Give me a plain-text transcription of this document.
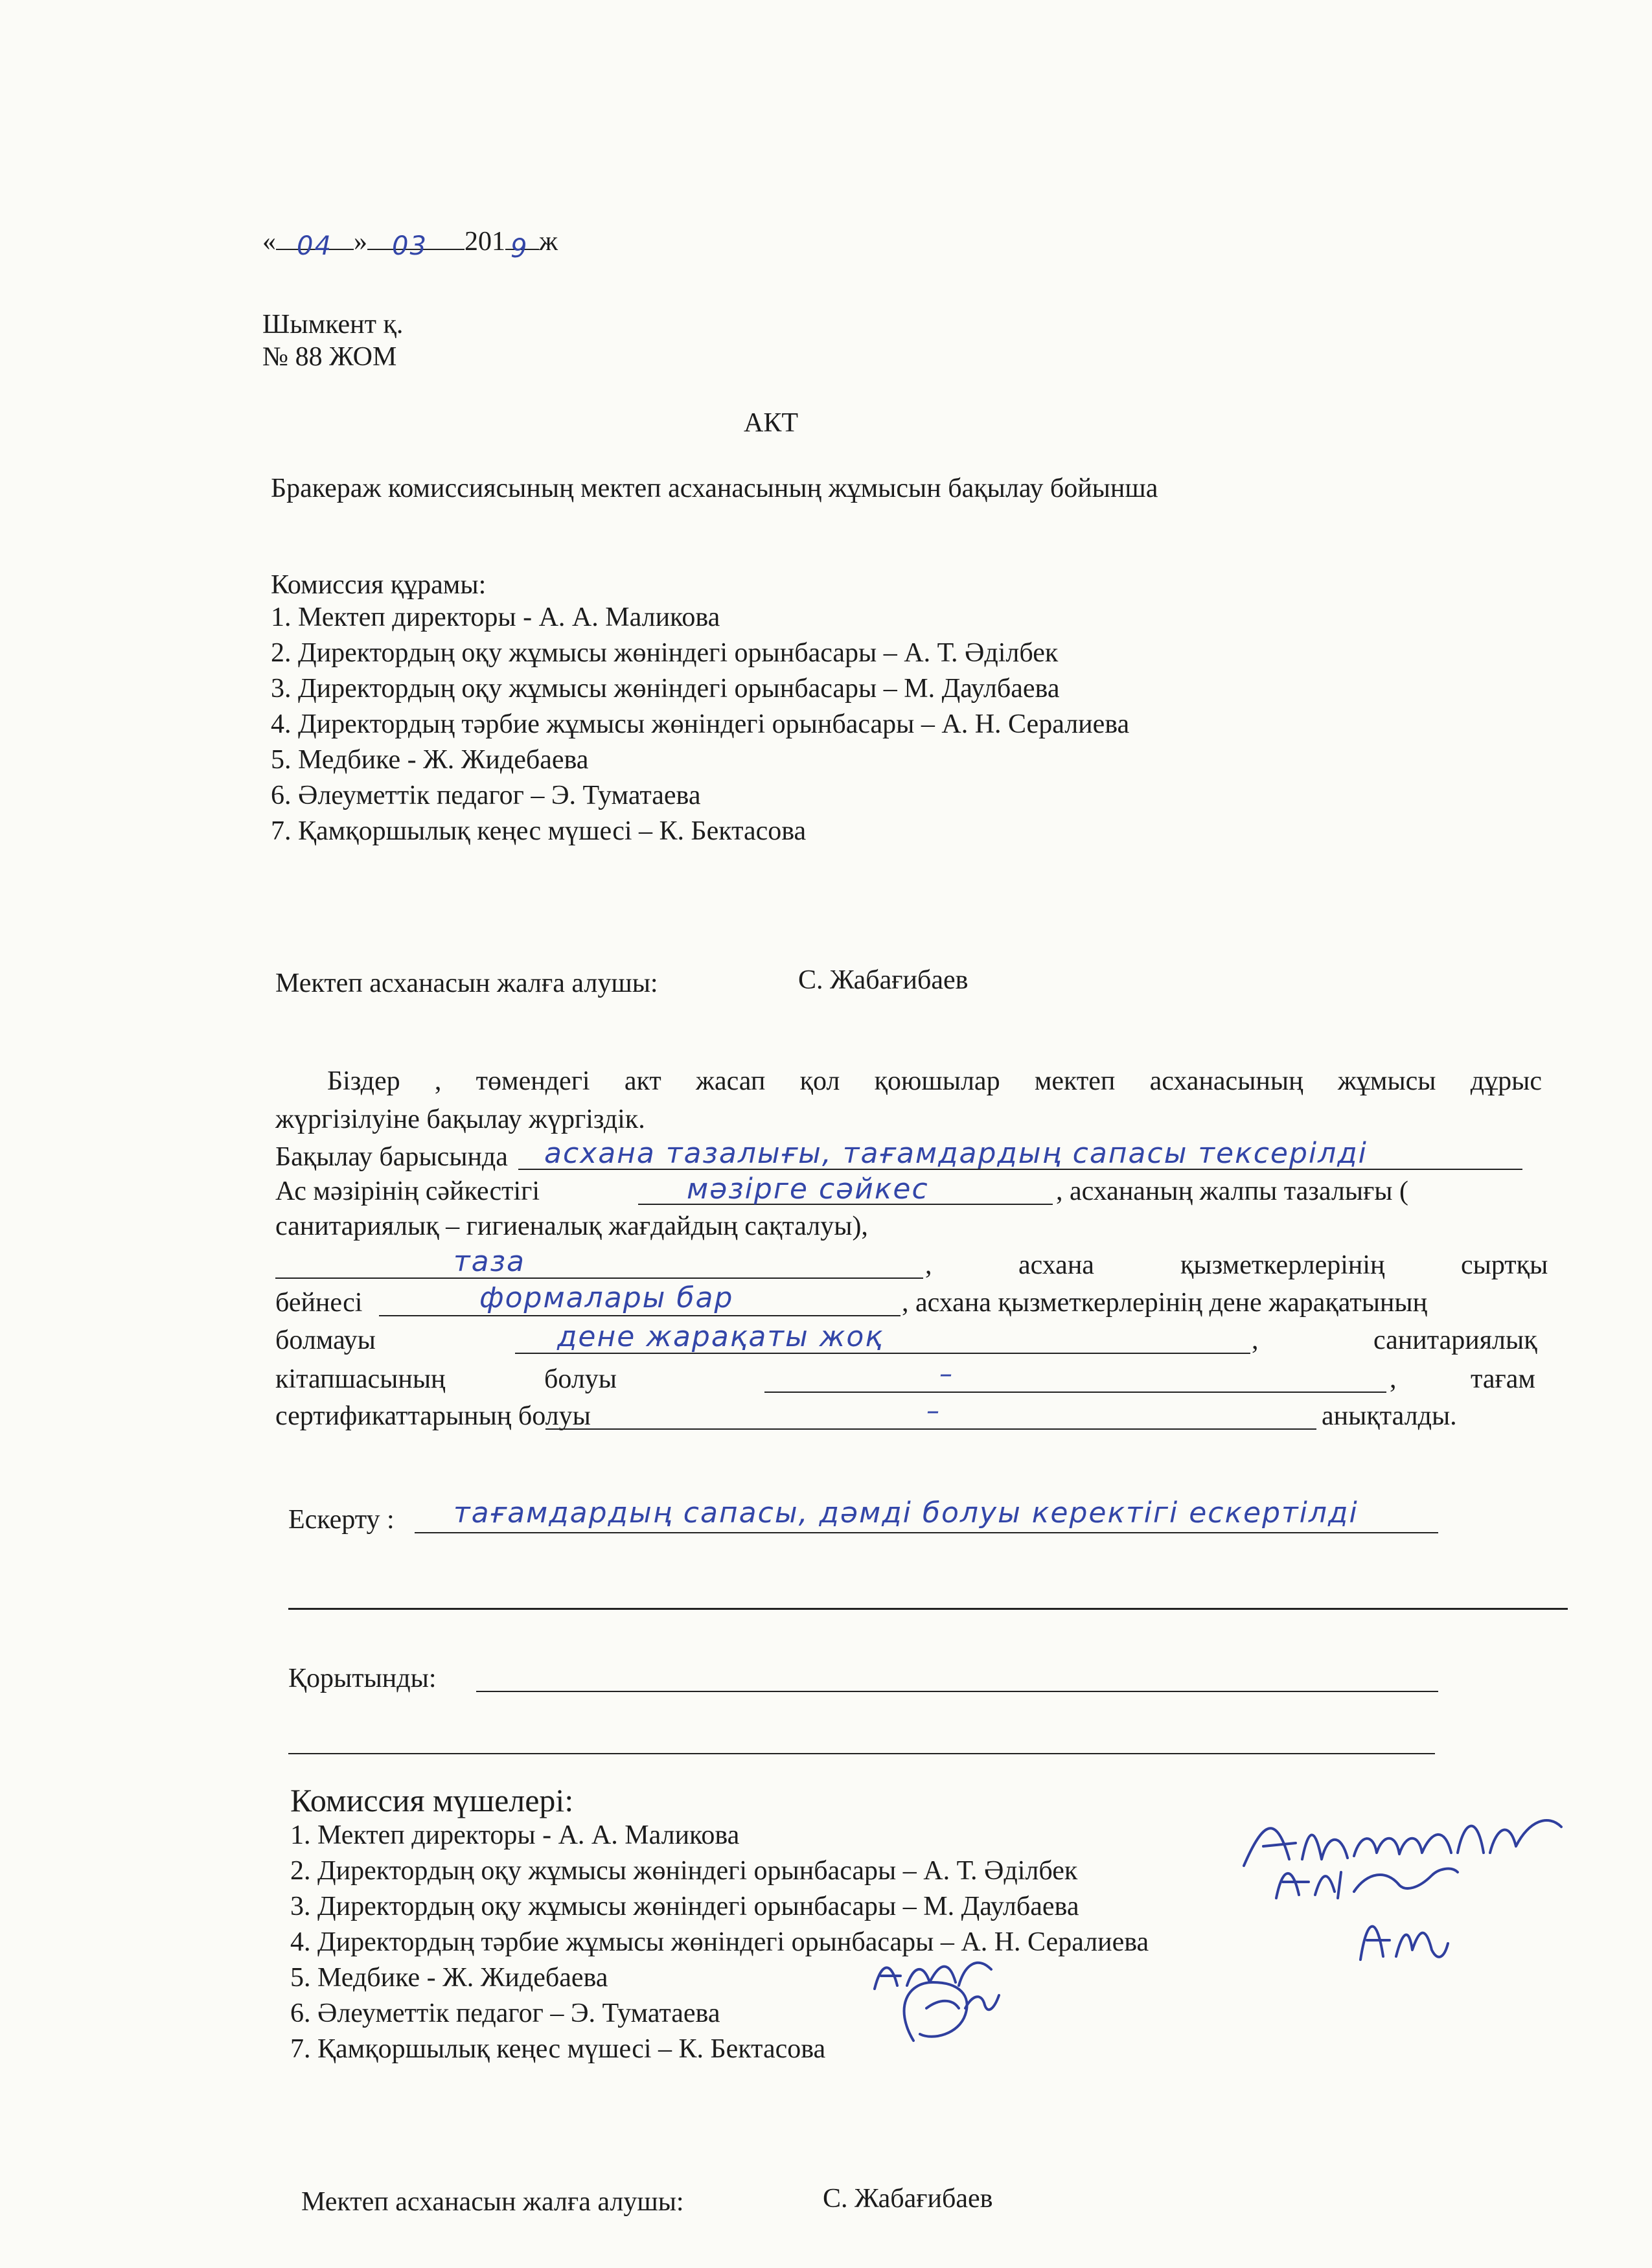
« 04 » 03 201 9 ж
Шымкент қ.
№ 88 ЖОМ
АКТ
Бракераж комиссиясының мектеп асханасының жұмысын бақылау бойынша
Комиссия құрамы:
1. Мектеп директоры - А. А. Маликова
2. Директордың оқу жұмысы жөніндегі орынбасары – А. Т. Әділбек
3. Директордың оқу жұмысы жөніндегі орынбасары – М. Даулбаева
4. Директордың тәрбие жұмысы жөніндегі орынбасары – А. Н. Сералиева
5. Медбике - Ж. Жидебаева
6. Әлеуметтік педагог – Э. Туматаева
7. Қамқоршылық кеңес мүшесі – К. Бектасова
Мектеп асханасын жалға алушы:	С. Жабағибаев
Біздер , төмендегі акт жасап қол қоюшылар мектеп асханасының жұмысы дұрыс
жүргізілуіне бақылау жүргіздік.
Бақылау барысында асхана тазалығы, тағамдардың сапасы тексерілді
Ас мәзірінің сәйкестігі	мәзірге сәйкес	, асхананың жалпы тазалығы (
санитариялық – гигиеналық жағдайдың сақталуы),
таза	,	асхана	қызметкерлерінің	сыртқы
бейнесі	формалары бар	, асхана қызметкерлерінің дене жарақатының
болмауы	дене жарақаты жоқ	,	санитариялық
кітапшасының	болуы	–	,	тағам
сертификаттарының болуы	–	анықталды.
Ескерту : тағамдардың сапасы, дәмді болуы керектігі ескертілді
Қорытынды:
Комиссия мүшелері:
1. Мектеп директоры - А. А. Маликова
2. Директордың оқу жұмысы жөніндегі орынбасары – А. Т. Әділбек
3. Директордың оқу жұмысы жөніндегі орынбасары – М. Даулбаева
4. Директордың тәрбие жұмысы жөніндегі орынбасары – А. Н. Сералиева
5. Медбике - Ж. Жидебаева
6. Әлеуметтік педагог – Э. Туматаева
7. Қамқоршылық кеңес мүшесі – К. Бектасова
Мектеп асханасын жалға алушы:	С. Жабағибаев
